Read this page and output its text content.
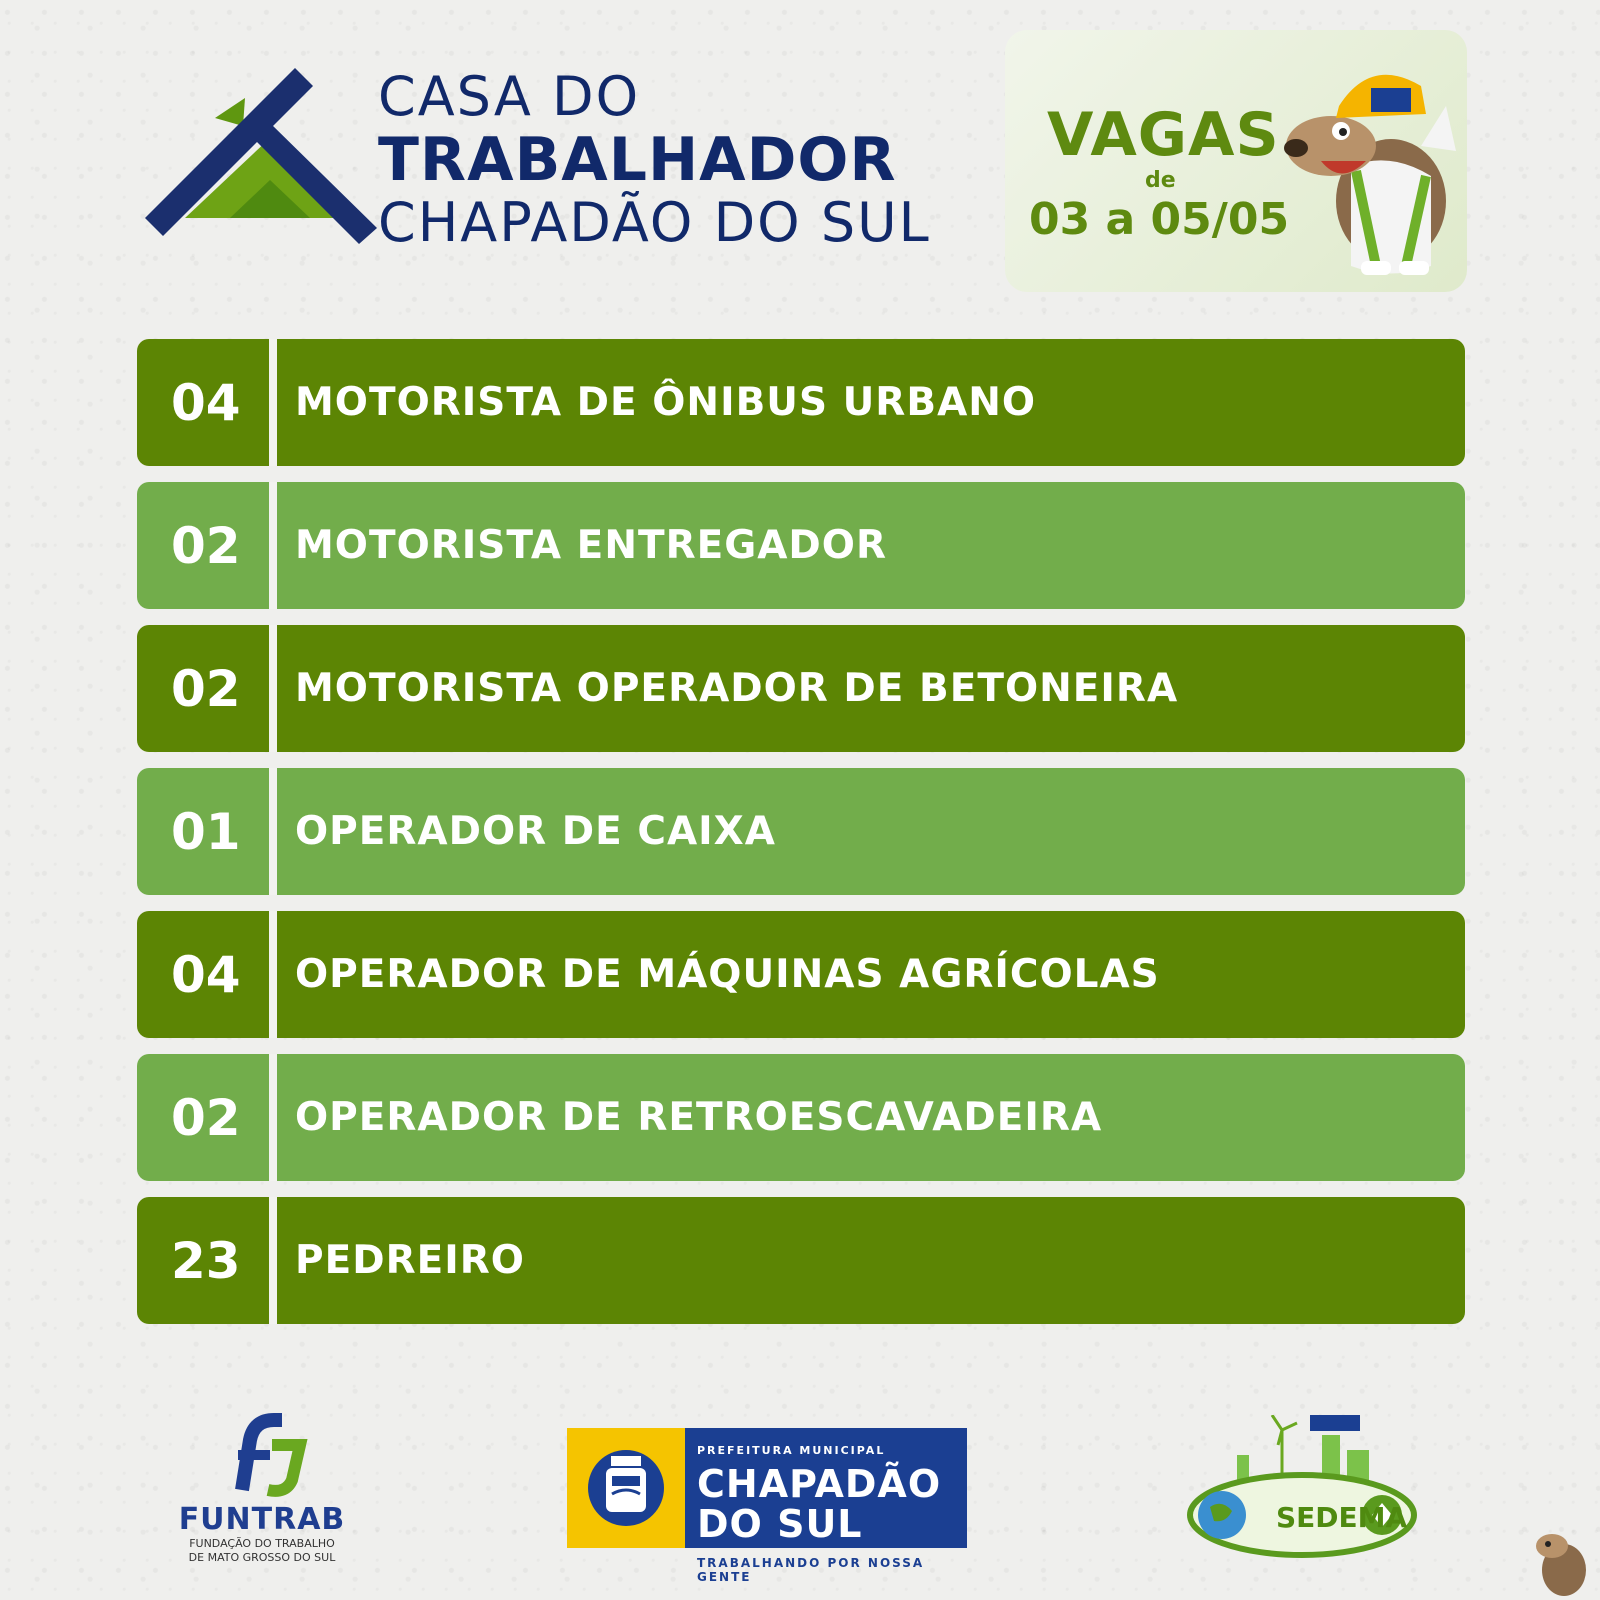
CASA DO
TRABALHADOR
CHAPADÃO DO SUL
VAGAS
de
03 a 05/05
04	MOTORISTA DE ÔNIBUS URBANO
02	MOTORISTA ENTREGADOR
02	MOTORISTA OPERADOR DE BETONEIRA
01	OPERADOR DE CAIXA
04	OPERADOR DE MÁQUINAS AGRÍCOLAS
02	OPERADOR DE RETROESCAVADEIRA
23	PEDREIRO
FUNTRAB
FUNDAÇÃO DO TRABALHO
DE MATO GROSSO DO SUL
PREFEITURA MUNICIPAL
CHAPADÃO
DO SUL
TRABALHANDO POR NOSSA GENTE
SEDEMA
